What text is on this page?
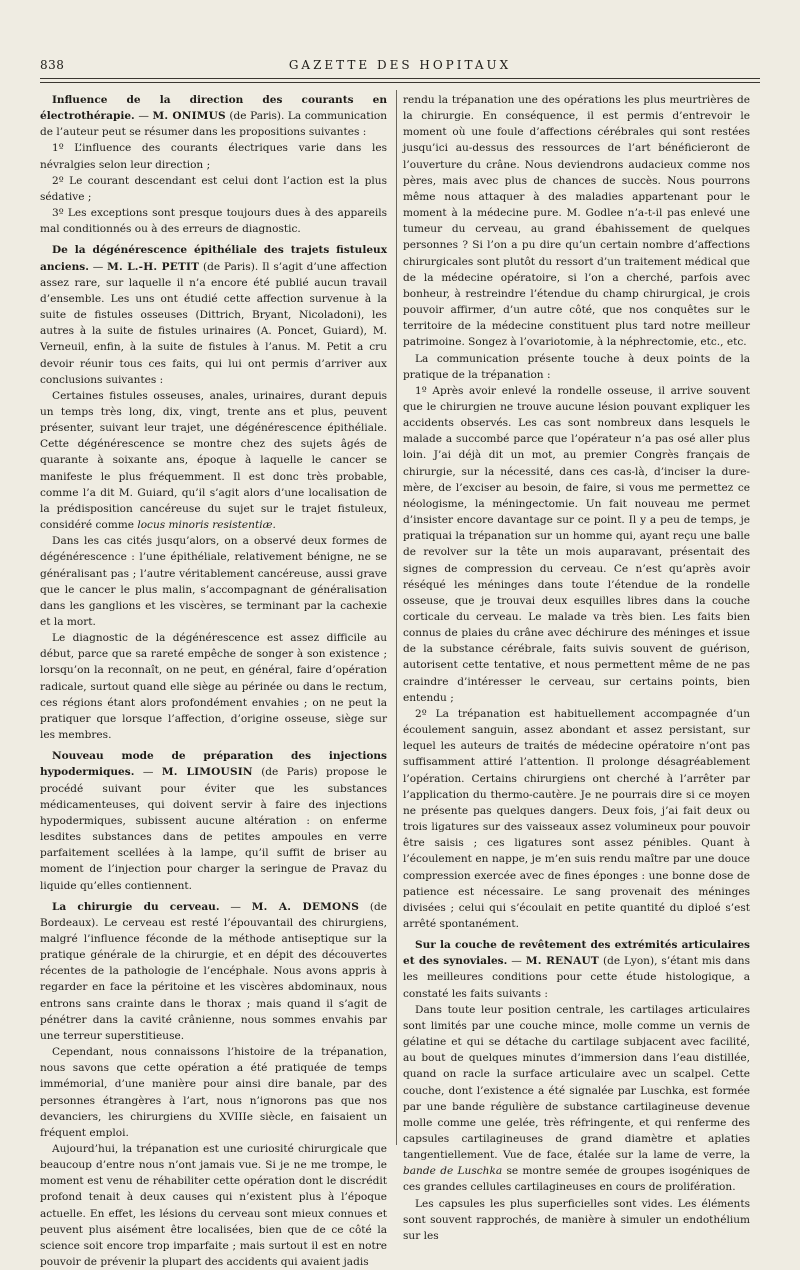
838	GAZETTE DES HOPITAUX

Influence de la direction des courants en électrothérapie. — M. ONIMUS (de Paris). La communication de l’auteur peut se résumer dans les propositions suivantes :

1º L’influence des courants électriques varie dans les névralgies selon leur direction ;

2º Le courant descendant est celui dont l’action est la plus sédative ;

3º Les exceptions sont presque toujours dues à des appareils mal conditionnés ou à des erreurs de diagnostic.

De la dégénérescence épithéliale des trajets fistuleux anciens. — M. L.-H. PETIT (de Paris). Il s’agit d’une affection assez rare, sur laquelle il n’a encore été publié aucun travail d’ensemble. Les uns ont étudié cette affection survenue à la suite de fistules osseuses (Dittrich, Bryant, Nicoladoni), les autres à la suite de fistules urinaires (A. Poncet, Guiard), M. Verneuil, enfin, à la suite de fistules à l’anus. M. Petit a cru devoir réunir tous ces faits, qui lui ont permis d’arriver aux conclusions suivantes :

Certaines fistules osseuses, anales, urinaires, durant depuis un temps très long, dix, vingt, trente ans et plus, peuvent présenter, suivant leur trajet, une dégénérescence épithéliale. Cette dégénérescence se montre chez des sujets âgés de quarante à soixante ans, époque à laquelle le cancer se manifeste le plus fréquemment. Il est donc très probable, comme l’a dit M. Guiard, qu’il s’agit alors d’une localisation de la prédisposition cancéreuse du sujet sur le trajet fistuleux, considéré comme locus minoris resistentiæ.

Dans les cas cités jusqu’alors, on a observé deux formes de dégénérescence : l’une épithéliale, relativement bénigne, ne se généralisant pas ; l’autre véritablement cancéreuse, aussi grave que le cancer le plus malin, s’accompagnant de généralisation dans les ganglions et les viscères, se terminant par la cachexie et la mort.

Le diagnostic de la dégénérescence est assez difficile au début, parce que sa rareté empêche de songer à son existence ; lorsqu’on la reconnaît, on ne peut, en général, faire d’opération radicale, surtout quand elle siège au périnée ou dans le rectum, ces régions étant alors profondément envahies ; on ne peut la pratiquer que lorsque l’affection, d’origine osseuse, siège sur les membres.

Nouveau mode de préparation des injections hypodermiques. — M. LIMOUSIN (de Paris) propose le procédé suivant pour éviter que les substances médicamenteuses, qui doivent servir à faire des injections hypodermiques, subissent aucune altération : on enferme lesdites substances dans de petites ampoules en verre parfaitement scellées à la lampe, qu’il suffit de briser au moment de l’injection pour charger la seringue de Pravaz du liquide qu’elles contiennent.

La chirurgie du cerveau. — M. A. DEMONS (de Bordeaux). Le cerveau est resté l’épouvantail des chirurgiens, malgré l’influence féconde de la méthode antiseptique sur la pratique générale de la chirurgie, et en dépit des découvertes récentes de la pathologie de l’encéphale. Nous avons appris à regarder en face la péritoine et les viscères abdominaux, nous entrons sans crainte dans le thorax ; mais quand il s’agit de pénétrer dans la cavité crânienne, nous sommes envahis par une terreur superstitieuse.

Cependant, nous connaissons l’histoire de la trépanation, nous savons que cette opération a été pratiquée de temps immémorial, d’une manière pour ainsi dire banale, par des personnes étrangères à l’art, nous n’ignorons pas que nos devanciers, les chirurgiens du XVIIIe siècle, en faisaient un fréquent emploi.

Aujourd’hui, la trépanation est une curiosité chirurgicale que beaucoup d’entre nous n’ont jamais vue. Si je ne me trompe, le moment est venu de réhabiliter cette opération dont le discrédit profond tenait à deux causes qui n’existent plus à l’époque actuelle. En effet, les lésions du cerveau sont mieux connues et peuvent plus aisément être localisées, bien que de ce côté la science soit encore trop imparfaite ; mais surtout il est en notre pouvoir de prévenir la plupart des accidents qui avaient jadis

rendu la trépanation une des opérations les plus meurtrières de la chirurgie. En conséquence, il est permis d’entrevoir le moment où une foule d’affections cérébrales qui sont restées jusqu’ici au-dessus des ressources de l’art bénéficieront de l’ouverture du crâne. Nous deviendrons audacieux comme nos pères, mais avec plus de chances de succès. Nous pourrons même nous attaquer à des maladies appartenant pour le moment à la médecine pure. M. Godlee n’a-t-il pas enlevé une tumeur du cerveau, au grand ébahissement de quelques personnes ? Si l’on a pu dire qu’un certain nombre d’affections chirurgicales sont plutôt du ressort d’un traitement médical que de la médecine opératoire, si l’on a cherché, parfois avec bonheur, à restreindre l’étendue du champ chirurgical, je crois pouvoir affirmer, d’un autre côté, que nos conquêtes sur le territoire de la médecine constituent plus tard notre meilleur patrimoine. Songez à l’ovariotomie, à la néphrectomie, etc., etc.

La communication présente touche à deux points de la pratique de la trépanation :

1º Après avoir enlevé la rondelle osseuse, il arrive souvent que le chirurgien ne trouve aucune lésion pouvant expliquer les accidents observés. Les cas sont nombreux dans lesquels le malade a succombé parce que l’opérateur n’a pas osé aller plus loin. J’ai déjà dit un mot, au premier Congrès français de chirurgie, sur la nécessité, dans ces cas-là, d’inciser la dure-mère, de l’exciser au besoin, de faire, si vous me permettez ce néologisme, la méningectomie. Un fait nouveau me permet d’insister encore davantage sur ce point. Il y a peu de temps, je pratiquai la trépanation sur un homme qui, ayant reçu une balle de revolver sur la tête un mois auparavant, présentait des signes de compression du cerveau. Ce n’est qu’après avoir réséqué les méninges dans toute l’étendue de la rondelle osseuse, que je trouvai deux esquilles libres dans la couche corticale du cerveau. Le malade va très bien. Les faits bien connus de plaies du crâne avec déchirure des méninges et issue de la substance cérébrale, faits suivis souvent de guérison, autorisent cette tentative, et nous permettent même de ne pas craindre d’intéresser le cerveau, sur certains points, bien entendu ;

2º La trépanation est habituellement accompagnée d’un écoulement sanguin, assez abondant et assez persistant, sur lequel les auteurs de traités de médecine opératoire n’ont pas suffisamment attiré l’attention. Il prolonge désagréablement l’opération. Certains chirurgiens ont cherché à l’arrêter par l’application du thermo-cautère. Je ne pourrais dire si ce moyen ne présente pas quelques dangers. Deux fois, j’ai fait deux ou trois ligatures sur des vaisseaux assez volumineux pour pouvoir être saisis ; ces ligatures sont assez pénibles. Quant à l’écoulement en nappe, je m’en suis rendu maître par une douce compression exercée avec de fines éponges : une bonne dose de patience est nécessaire. Le sang provenait des méninges divisées ; celui qui s’écoulait en petite quantité du diploé s’est arrêté spontanément.

Sur la couche de revêtement des extrémités articulaires et des synoviales. — M. RENAUT (de Lyon), s’étant mis dans les meilleures conditions pour cette étude histologique, a constaté les faits suivants :

Dans toute leur position centrale, les cartilages articulaires sont limités par une couche mince, molle comme un vernis de gélatine et qui se détache du cartilage subjacent avec facilité, au bout de quelques minutes d’immersion dans l’eau distillée, quand on racle la surface articulaire avec un scalpel. Cette couche, dont l’existence a été signalée par Luschka, est formée par une bande régulière de substance cartilagineuse devenue molle comme une gelée, très réfringente, et qui renferme des capsules cartilagineuses de grand diamètre et aplaties tangentiellement. Vue de face, étalée sur la lame de verre, la bande de Luschka se montre semée de groupes isogéniques de ces grandes cellules cartilagineuses en cours de prolifération.

Les capsules les plus superficielles sont vides. Les éléments sont souvent rapprochés, de manière à simuler un endothélium sur les
